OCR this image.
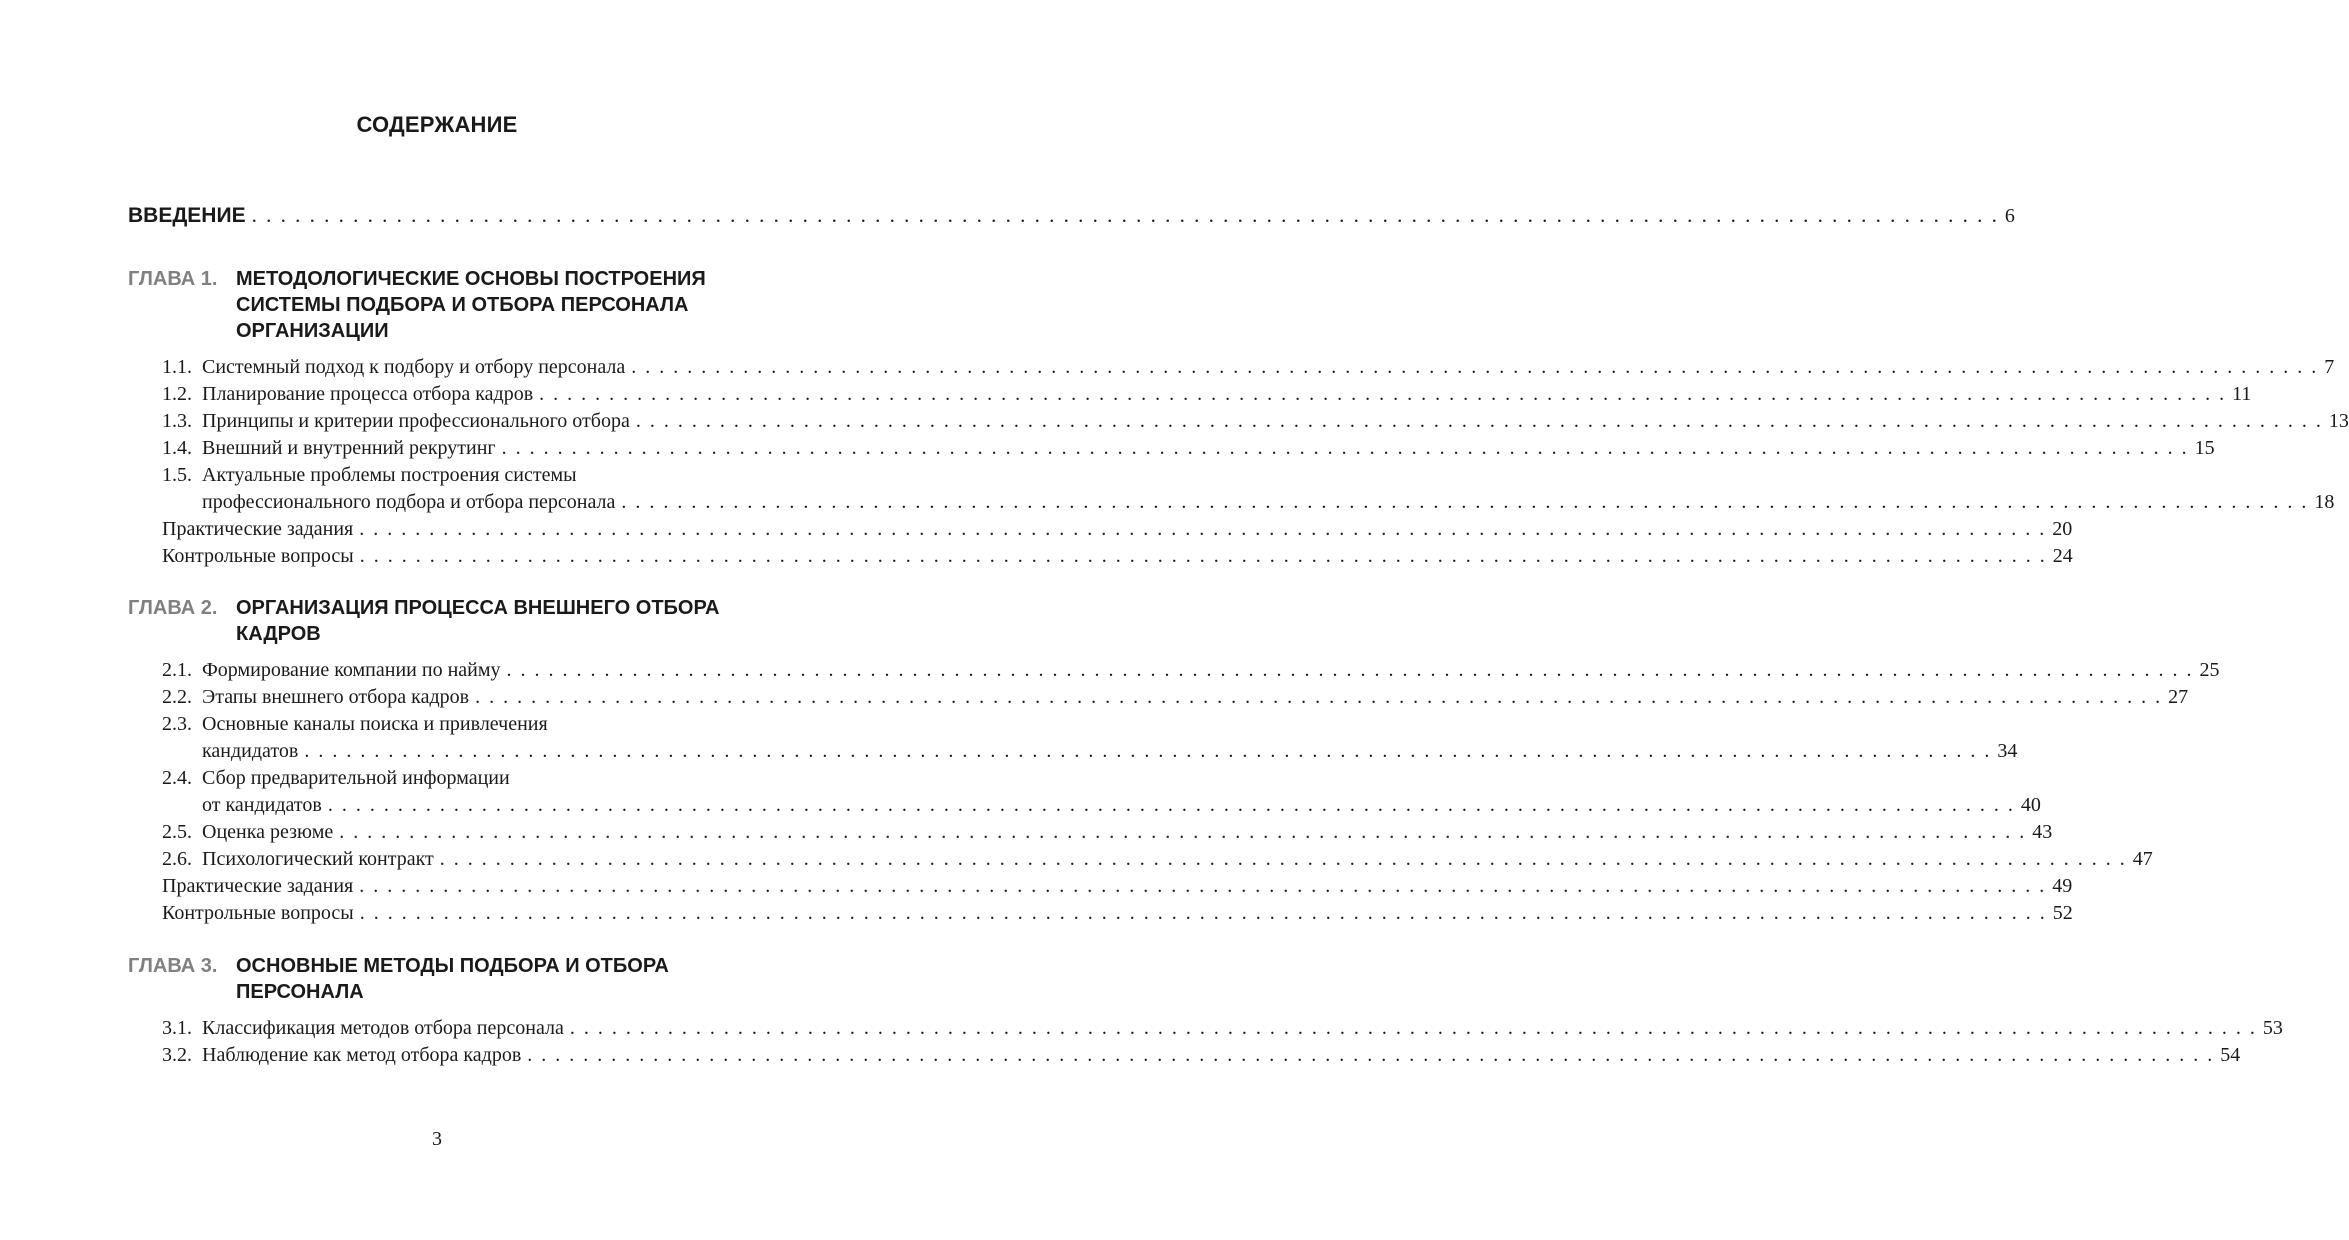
СОДЕРЖАНИЕ
ВВЕДЕНИЕ . . .	6
ГЛАВА 1. МЕТОДОЛОГИЧЕСКИЕ ОСНОВЫ ПОСТРОЕНИЯ
СИСТЕМЫ ПОДБОРА И ОТБОРА ПЕРСОНАЛА
ОРГАНИЗАЦИИ
1.1. Системный подход к подбору и отбору персонала . . .	7
1.2. Планирование процесса отбора кадров . . .	11
1.3. Принципы и критерии профессионального отбора . . .	13
1.4. Внешний и внутренний рекрутинг . . .	15
1.5. Актуальные проблемы построения системы
профессионального подбора и отбора персонала . . .	18
Практические задания . . .	20
Контрольные вопросы . . .	24
ГЛАВА 2. ОРГАНИЗАЦИЯ ПРОЦЕССА ВНЕШНЕГО ОТБОРА
КАДРОВ
2.1. Формирование компании по найму . . .	25
2.2. Этапы внешнего отбора кадров . . .	27
2.3. Основные каналы поиска и привлечения
кандидатов . . .	34
2.4. Сбор предварительной информации
от кандидатов . . .	40
2.5. Оценка резюме . . .	43
2.6. Психологический контракт . . .	47
Практические задания . . .	49
Контрольные вопросы . . .	52
ГЛАВА 3. ОСНОВНЫЕ МЕТОДЫ ПОДБОРА И ОТБОРА
ПЕРСОНАЛА
3.1. Классификация методов отбора персонала . . .	53
3.2. Наблюдение как метод отбора кадров . . .	54
3
